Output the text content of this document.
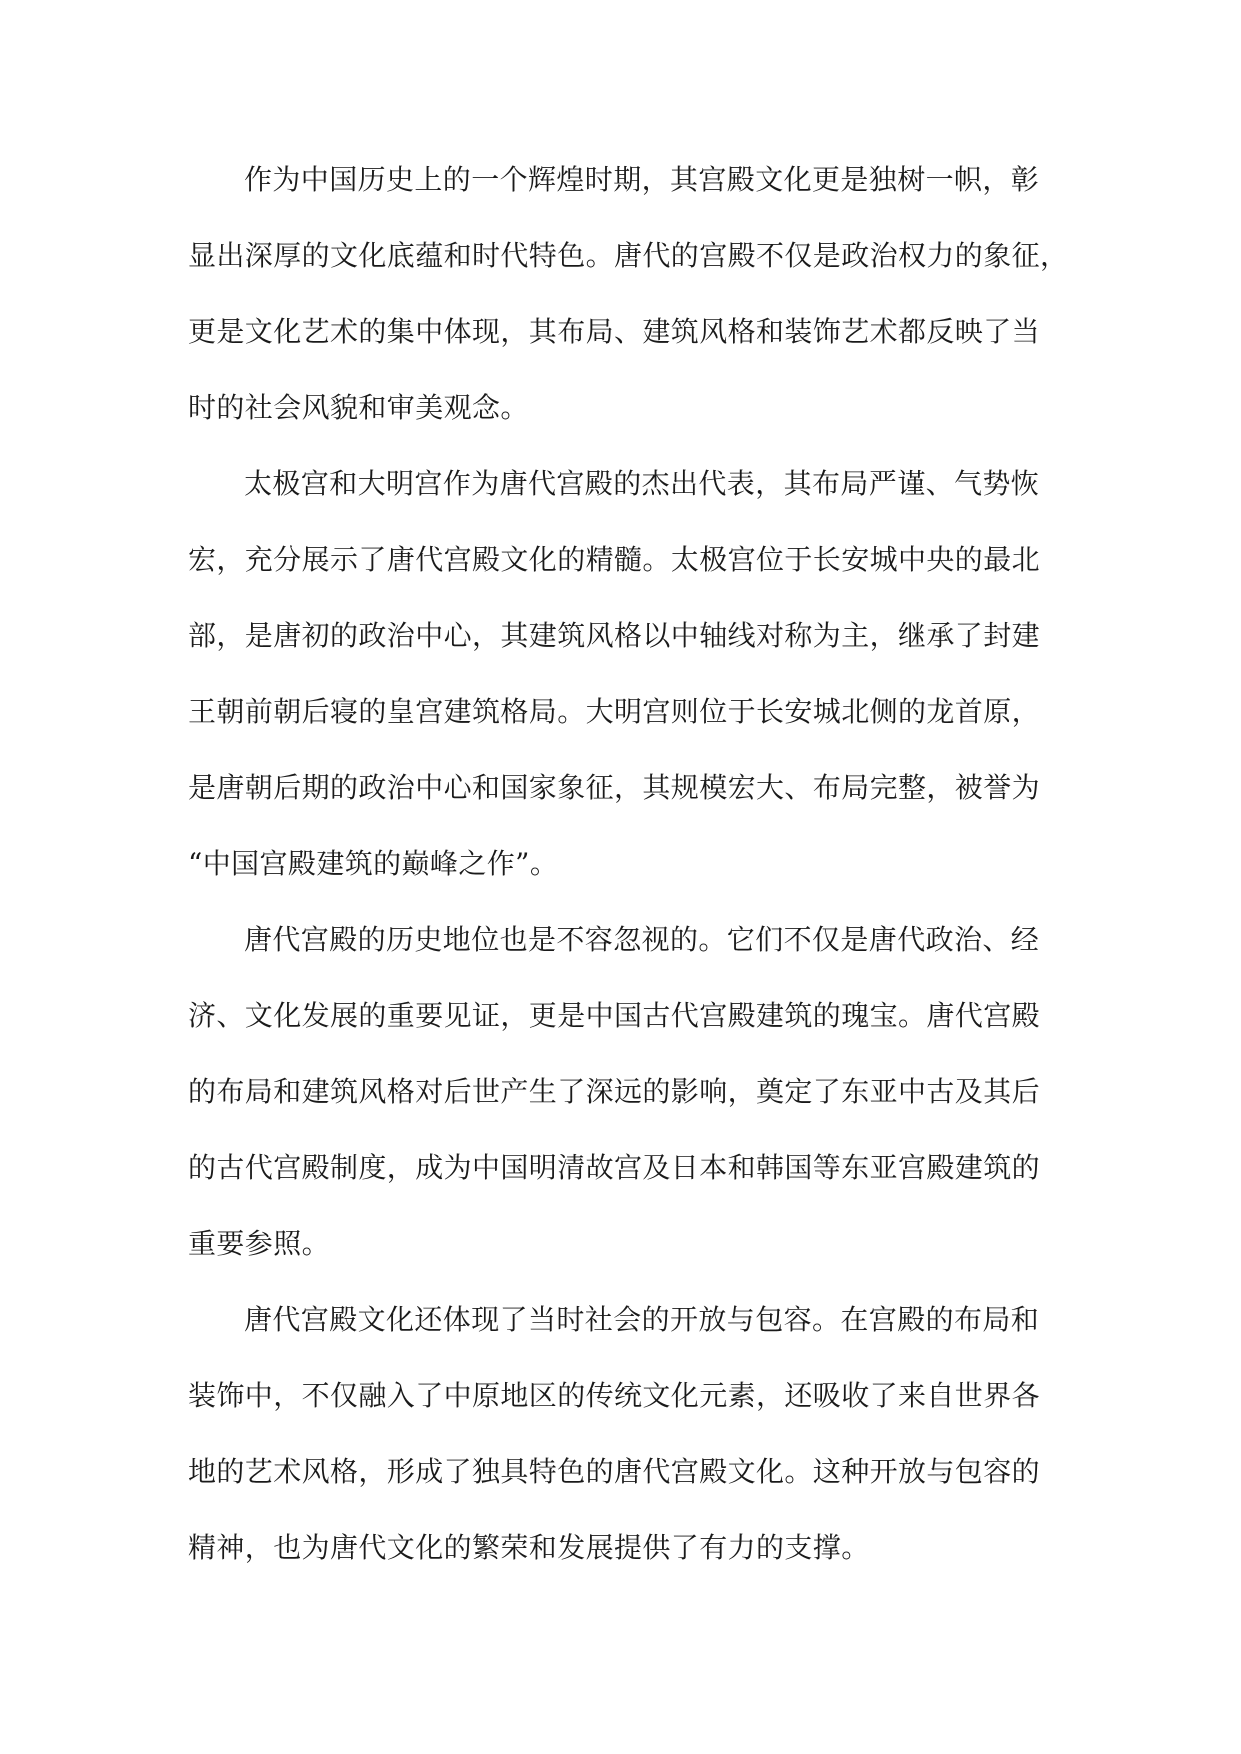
作为中国历史上的一个辉煌时期，其宫殿文化更是独树一帜，彰
显出深厚的文化底蕴和时代特色。唐代的宫殿不仅是政治权力的象征，
更是文化艺术的集中体现，其布局、建筑风格和装饰艺术都反映了当
时的社会风貌和审美观念。
太极宫和大明宫作为唐代宫殿的杰出代表，其布局严谨、气势恢
宏，充分展示了唐代宫殿文化的精髓。太极宫位于长安城中央的最北
部，是唐初的政治中心，其建筑风格以中轴线对称为主，继承了封建
王朝前朝后寝的皇宫建筑格局。大明宫则位于长安城北侧的龙首原，
是唐朝后期的政治中心和国家象征，其规模宏大、布局完整，被誉为
“中国宫殿建筑的巅峰之作”。
唐代宫殿的历史地位也是不容忽视的。它们不仅是唐代政治、经
济、文化发展的重要见证，更是中国古代宫殿建筑的瑰宝。唐代宫殿
的布局和建筑风格对后世产生了深远的影响，奠定了东亚中古及其后
的古代宫殿制度，成为中国明清故宫及日本和韩国等东亚宫殿建筑的
重要参照。
唐代宫殿文化还体现了当时社会的开放与包容。在宫殿的布局和
装饰中，不仅融入了中原地区的传统文化元素，还吸收了来自世界各
地的艺术风格，形成了独具特色的唐代宫殿文化。这种开放与包容的
精神，也为唐代文化的繁荣和发展提供了有力的支撑。
